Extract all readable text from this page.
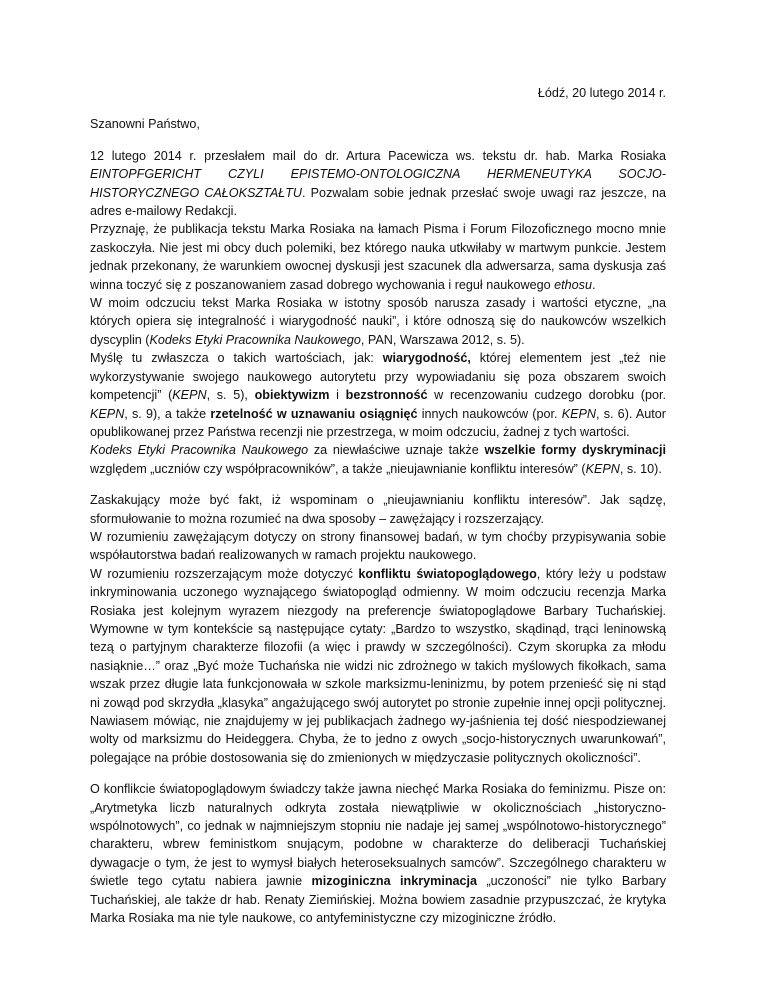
Łódź, 20 lutego 2014 r.

Szanowni Państwo,

12 lutego 2014 r. przesłałem mail do dr. Artura Pacewicza ws. tekstu dr. hab. Marka Rosiaka EINTOPFGERICHT CZYLI EPISTEMO-ONTOLOGICZNA HERMENEUTYKA SOCJO-HISTORYCZNEGO CAŁOKSZTAŁTU. Pozwalam sobie jednak przesłać swoje uwagi raz jeszcze, na adres e-mailowy Redakcji.

Przyznaję, że publikacja tekstu Marka Rosiaka na łamach Pisma i Forum Filozoficznego mocno mnie zaskoczyła. Nie jest mi obcy duch polemiki, bez którego nauka utkwiłaby w martwym punkcie. Jestem jednak przekonany, że warunkiem owocnej dyskusji jest szacunek dla adwersarza, sama dyskusja zaś winna toczyć się z poszanowaniem zasad dobrego wychowania i reguł naukowego ethosu.

W moim odczuciu tekst Marka Rosiaka w istotny sposób narusza zasady i wartości etyczne, „na których opiera się integralność i wiarygodność nauki”, i które odnoszą się do naukowców wszelkich dyscyplin (Kodeks Etyki Pracownika Naukowego, PAN, Warszawa 2012, s. 5).

Myślę tu zwłaszcza o takich wartościach, jak: wiarygodność, której elementem jest „też nie wykorzystywanie swojego naukowego autorytetu przy wypowiadaniu się poza obszarem swoich kompetencji” (KEPN, s. 5), obiektywizm i bezstronność w recenzowaniu cudzego dorobku (por. KEPN, s. 9), a także rzetelność w uznawaniu osiągnięć innych naukowców (por. KEPN, s. 6). Autor opublikowanej przez Państwa recenzji nie przestrzega, w moim odczuciu, żadnej z tych wartości.

Kodeks Etyki Pracownika Naukowego za niewłaściwe uznaje także wszelkie formy dyskryminacji względem „uczniów czy współpracowników”, a także „nieujawnianie konfliktu interesów” (KEPN, s. 10).

Zaskakujący może być fakt, iż wspominam o „nieujawnianiu konfliktu interesów”. Jak sądzę, sformułowanie to można rozumieć na dwa sposoby – zawężający i rozszerzający.

W rozumieniu zawężającym dotyczy on strony finansowej badań, w tym choćby przypisywania sobie współautorstwa badań realizowanych w ramach projektu naukowego.

W rozumieniu rozszerzającym może dotyczyć konfliktu światopoglądowego, który leży u podstaw inkryminowania uczonego wyznającego światopogląd odmienny. W moim odczuciu recenzja Marka Rosiaka jest kolejnym wyrazem niezgody na preferencje światopoglądowe Barbary Tuchańskiej. Wymowne w tym kontekście są następujące cytaty: „Bardzo to wszystko, skądinąd, trąci leninowską tezą o partyjnym charakterze filozofii (a więc i prawdy w szczególności). Czym skorupka za młodu nasiąknie…” oraz „Być może Tuchańska nie widzi nic zdrożnego w takich myślowych fikołkach, sama wszak przez długie lata funkcjonowała w szkole marksizmu-leninizmu, by potem przenieść się ni stąd ni zowąd pod skrzydła „klasyka” angażującego swój autorytet po stronie zupełnie innej opcji politycznej. Nawiasem mówiąc, nie znajdujemy w jej publikacjach żadnego wy-jaśnienia tej dość niespodziewanej wolty od marksizmu do Heideggera. Chyba, że to jedno z owych „socjo-historycznych uwarunkowań”, polegające na próbie dostosowania się do zmienionych w międzyczasie politycznych okoliczności”.

O konflikcie światopoglądowym świadczy także jawna niechęć Marka Rosiaka do feminizmu. Pisze on: „Arytmetyka liczb naturalnych odkryta została niewątpliwie w okolicznościach „historyczno-wspólnotowych”, co jednak w najmniejszym stopniu nie nadaje jej samej „wspólnotowo-historycznego” charakteru, wbrew feministkom snującym, podobne w charakterze do deliberacji Tuchańskiej dywagacje o tym, że jest to wymysł białych heteroseksualnych samców”. Szczególnego charakteru w świetle tego cytatu nabiera jawnie mizoginiczna inkryminacja „uczoności” nie tylko Barbary Tuchańskiej, ale także dr hab. Renaty Ziemińskiej. Można bowiem zasadnie przypuszczać, że krytyka Marka Rosiaka ma nie tyle naukowe, co antyfeministyczne czy mizoginiczne źródło.
